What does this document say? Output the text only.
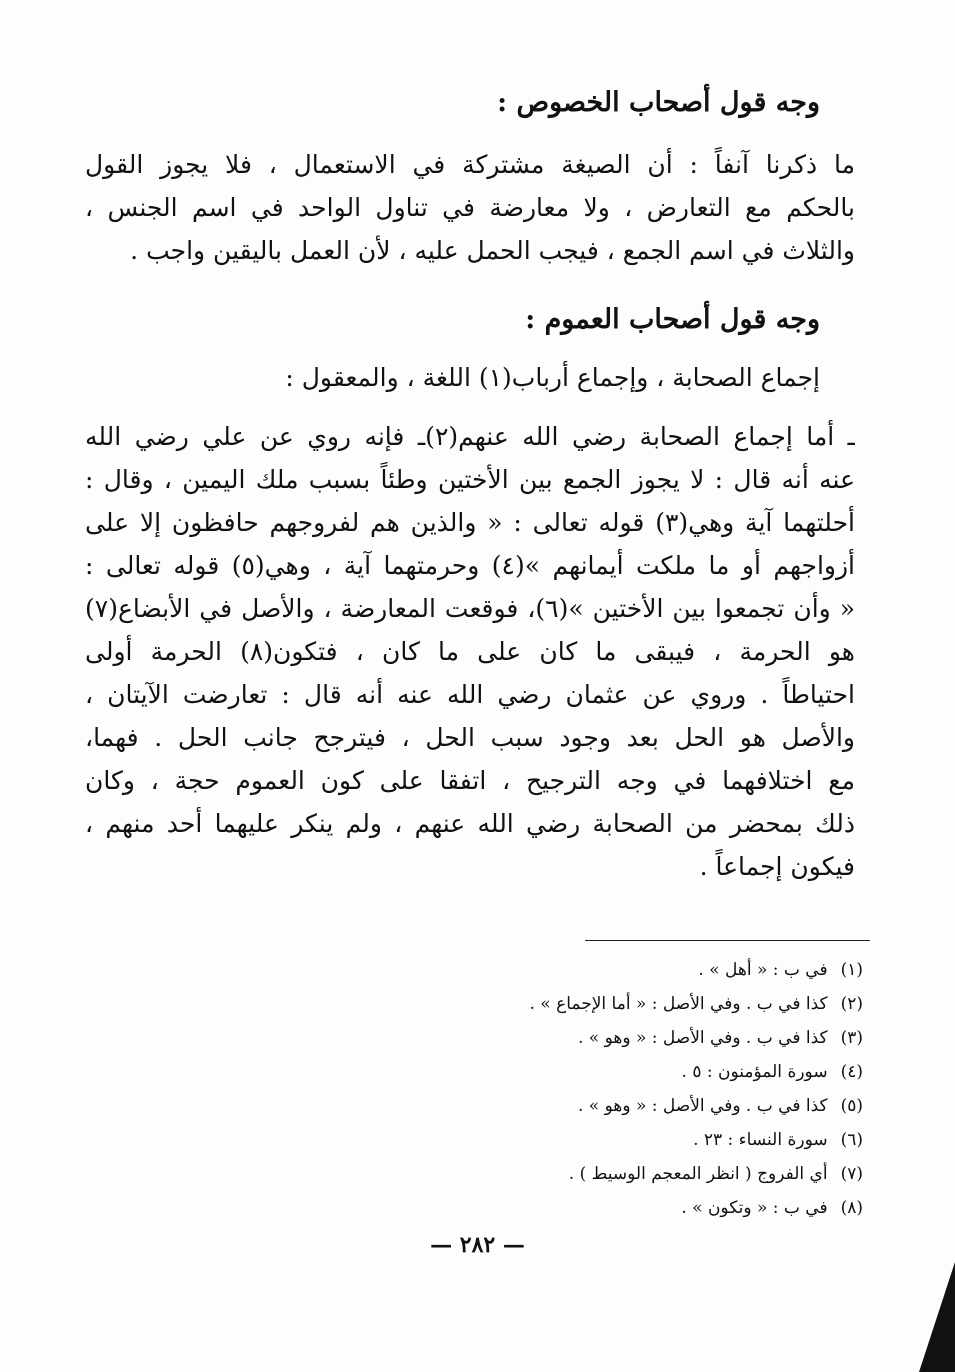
وجه قول أصحاب الخصوص :
ما ذكرنا آنفاً : أن الصيغة مشتركة في الاستعمال ، فلا يجوز القول
بالحكم مع التعارض ، ولا معارضة في تناول الواحد في اسم الجنس ،
والثلاث في اسم الجمع ، فيجب الحمل عليه ، لأن العمل باليقين واجب .
وجه قول أصحاب العموم :
إجماع الصحابة ، وإجماع أرباب(١) اللغة ، والمعقول :
ـ أما إجماع الصحابة رضي الله عنهم(٢)ـ فإنه روي عن علي رضي الله
عنه أنه قال : لا يجوز الجمع بين الأختين وطئاً بسبب ملك اليمين ، وقال :
أحلتهما آية وهي(٣) قوله تعالى : « والذين هم لفروجهم حافظون إلا على
أزواجهم أو ما ملكت أيمانهم »(٤) وحرمتهما آية ، وهي(٥) قوله تعالى :
« وأن تجمعوا بين الأختين »(٦)، فوقعت المعارضة ، والأصل في الأبضاع(٧)
هو الحرمة ، فيبقى ما كان على ما كان ، فتكون(٨) الحرمة أولى
احتياطاً . وروي عن عثمان رضي الله عنه أنه قال : تعارضت الآيتان ،
والأصل هو الحل بعد وجود سبب الحل ، فيترجح جانب الحل . فهما،
مع اختلافهما في وجه الترجيح ، اتفقا على كون العموم حجة ، وكان
ذلك بمحضر من الصحابة رضي الله عنهم ، ولم ينكر عليهما أحد منهم ،
فيكون إجماعاً .
(١) في ب : « أهل » .
(٢) كذا في ب . وفي الأصل : « أما الإجماع » .
(٣) كذا في ب . وفي الأصل : « وهو » .
(٤) سورة المؤمنون : ٥ .
(٥) كذا في ب . وفي الأصل : « وهو » .
(٦) سورة النساء : ٢٣ .
(٧) أي الفروج ( انظر المعجم الوسيط ) .
(٨) في ب : « وتكون » .
— ٢٨٢ —
